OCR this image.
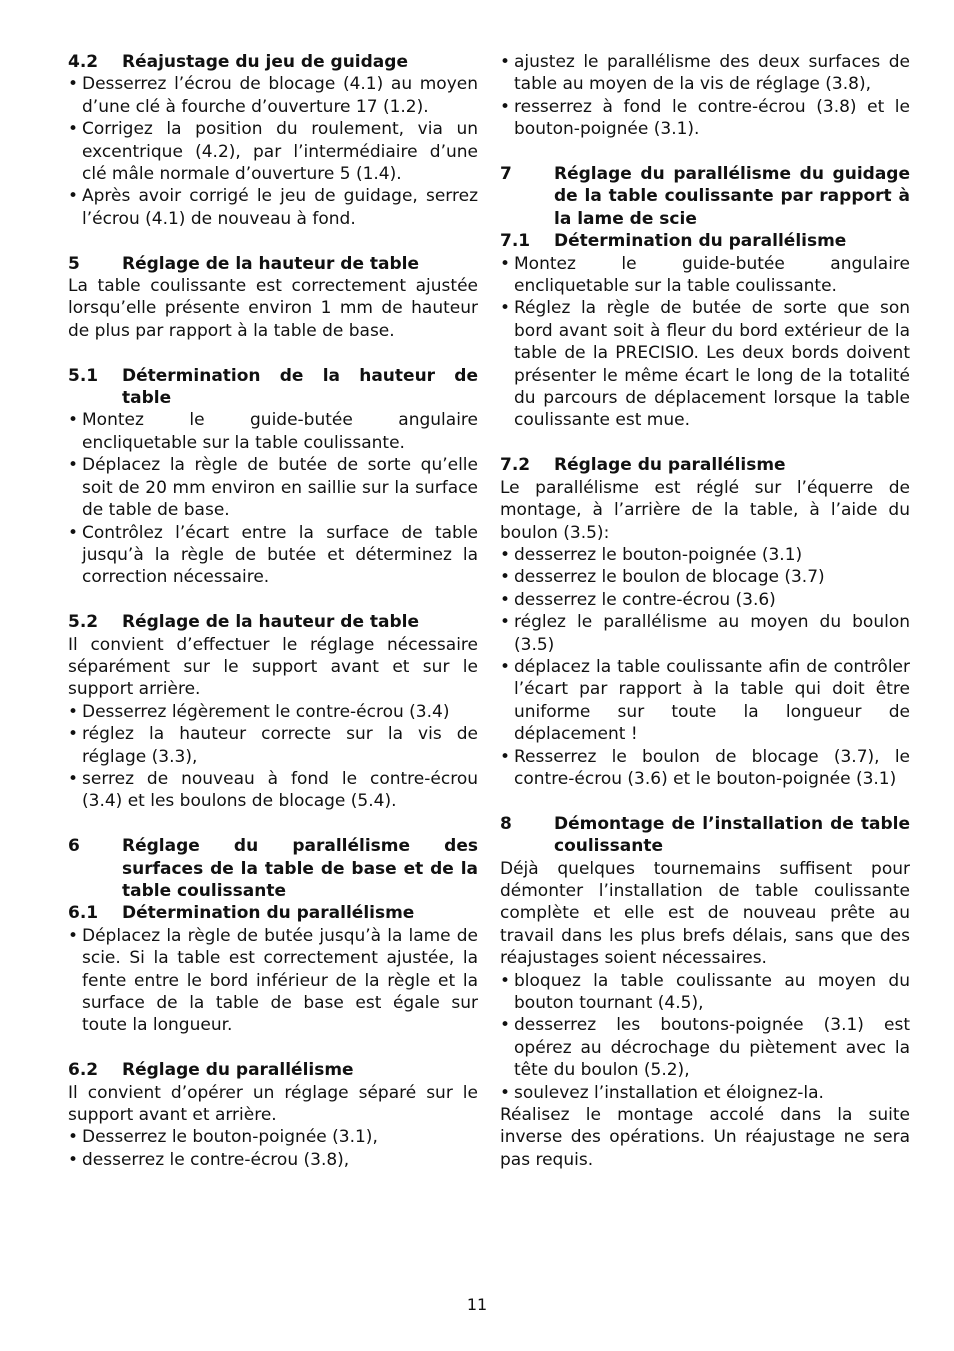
4.2	Réajustage du jeu de guidage
• Desserrez l’écrou de blocage (4.1) au moyen d’une clé à fourche d’ouverture 17 (1.2).
• Corrigez la position du roulement, via un excentrique (4.2), par l’intermédiaire d’une clé mâle normale d’ouverture 5 (1.4).
• Après avoir corrigé le jeu de guidage, serrez l’écrou (4.1) de nouveau à fond.
5	Réglage de la hauteur de table

La table coulissante est correctement ajustée lorsqu’elle présente environ 1 mm de hauteur de plus par rapport à la table de base.

5.1	Détermination de la hauteur de table
• Montez le guide-butée angulaire encliquetable sur la table coulissante.
• Déplacez la règle de butée de sorte qu’elle soit de 20 mm environ en saillie sur la surface de table de base.
• Contrôlez l’écart entre la surface de table jusqu’à la règle de butée et déterminez la correction nécessaire.
5.2	Réglage de la hauteur de table

Il convient d’effectuer le réglage nécessaire séparément sur le support avant et sur le support arrière.

• Desserrez légèrement le contre-écrou (3.4)
• réglez la hauteur correcte sur la vis de réglage (3.3),
• serrez de nouveau à fond le contre-écrou (3.4) et les boulons de blocage (5.4).
6	Réglage du parallélisme des surfaces de la table de base et de la table coulissante
6.1	Détermination du parallélisme
• Déplacez la règle de butée jusqu’à la lame de scie. Si la table est correctement ajustée, la fente entre le bord inférieur de la règle et la surface de la table de base est égale sur toute la longueur.
6.2	Réglage du parallélisme

Il convient d’opérer un réglage séparé sur le support avant et arrière.

• Desserrez le bouton-poignée (3.1),
• desserrez le contre-écrou (3.8),
• ajustez le parallélisme des deux surfaces de table au moyen de la vis de réglage (3.8),
• resserrez à fond le contre-écrou (3.8) et le bouton-poignée (3.1).
7	Réglage du parallélisme du guidage de la table coulissante par rapport à la lame de scie
7.1	Détermination du parallélisme
• Montez le guide-butée angulaire encliquetable sur la table coulissante.
• Réglez la règle de butée de sorte que son bord avant soit à fleur du bord extérieur de la table de la PRECISIO. Les deux bords doivent présenter le même écart le long de la totalité du parcours de déplacement lorsque la table coulissante est mue.
7.2	Réglage du parallélisme

Le parallélisme est réglé sur l’équerre de montage, à l’arrière de la table, à l’aide du boulon (3.5):

• desserrez le bouton-poignée (3.1)
• desserrez le boulon de blocage (3.7)
• desserrez le contre-écrou (3.6)
• réglez le parallélisme au moyen du boulon (3.5)
• déplacez la table coulissante afin de contrôler l’écart par rapport à la table qui doit être uniforme sur toute la longueur de déplacement !
• Resserrez le boulon de blocage (3.7), le contre-écrou (3.6) et le bouton-poignée (3.1)
8	Démontage de l’installation de table coulissante

Déjà quelques tournemains suffisent pour démonter l’installation de table coulissante complète et elle est de nouveau prête au travail dans les plus brefs délais, sans que des réajustages soient nécessaires.

• bloquez la table coulissante au moyen du bouton tournant (4.5),
• desserrez les boutons-poignée (3.1) est opérez au décrochage du piètement avec la tête du boulon (5.2),
• soulevez l’installation et éloignez-la.

Réalisez le montage accolé dans la suite inverse des opérations. Un réajustage ne sera pas requis.

11
